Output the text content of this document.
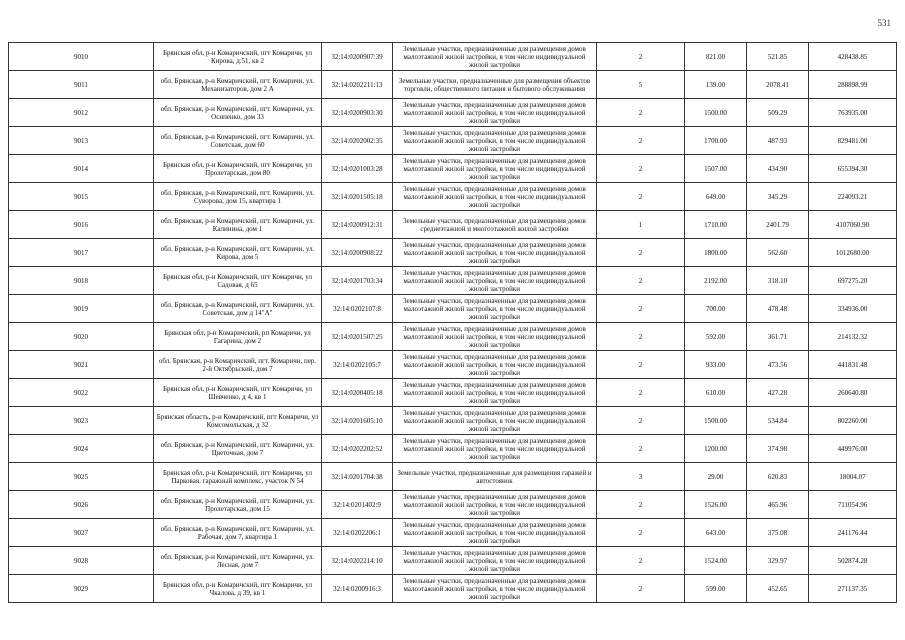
531
9010	Брянская обл, р-н Комаричский, пгт Комаричи, ул Кирова, д.51, кв 2	32:14:0200907:39	Земельные участки, предназначенные для размещения домов малоэтажной жилой застройки, в том числе индивидуальной жилой застройки	2	821.00	521.85	428438.85
9011	обл. Брянская, р-н Комаричский, пгт. Комаричи, ул. Механизаторов, дом 2 А	32:14:0202211:13	Земельные участки, предназначенные для размещения объектов торговли, общественного питания и бытового обслуживания	5	139.00	2078.41	288898.99
9012	обл. Брянская, р-н Комаричский, пгт. Комаричи, ул. Осипенко, дом 33	32:14:0200903:30	Земельные участки, предназначенные для размещения домов малоэтажной жилой застройки, в том числе индивидуальной жилой застройки	2	1500.00	509.29	763935.00
9013	обл. Брянская, р-н Комаричский, пгт. Комаричи, ул. Советская, дом 60	32:14:0202002:35	Земельные участки, предназначенные для размещения домов малоэтажной жилой застройки, в том числе индивидуальной жилой застройки	2	1700.00	487.93	829481.00
9014	Брянская обл, р-н Комаричский, пгт Комаричи, ул Пролетарская, дом 80	32:14:0201003:28	Земельные участки, предназначенные для размещения домов малоэтажной жилой застройки, в том числе индивидуальной жилой застройки	2	1507.00	434.90	655394.30
9015	обл. Брянская, р-н Комаричский, пгт. Комаричи, ул. Суворова, дом 15, квартира 1	32:14:0201505:18	Земельные участки, предназначенные для размещения домов малоэтажной жилой застройки, в том числе индивидуальной жилой застройки	2	649.00	345.29	224093.21
9016	обл. Брянская, р-н Комаричский, пгт. Комаричи, ул. Калинина, дом 1	32:14:0200912:31	Земельные участки, предназначенные для размещения домов среднеэтажной и многоэтажной жилой застройки	1	1710.00	2401.79	4107060.90
9017	обл. Брянская, р-н Комаричский, пгт. Комаричи, ул. Кирова, дом 5	32:14:0200908:22	Земельные участки, предназначенные для размещения домов малоэтажной жилой застройки, в том числе индивидуальной жилой застройки	2	1800.00	562.60	1012680.00
9018	Брянская обл, р-н Комаричский, пгт Комаричи, ул Садовая, д 65	32:14:0201703:34	Земельные участки, предназначенные для размещения домов малоэтажной жилой застройки, в том числе индивидуальной жилой застройки	2	2192.00	318.10	697275.20
9019	обл. Брянская, р-н Комаричский, пгт. Комаричи, ул. Советская, дом д 14"А"	32:14:0202107:8	Земельные участки, предназначенные для размещения домов малоэтажной жилой застройки, в том числе индивидуальной жилой застройки	2	700.00	478.48	334936.00
9020	Брянская обл, р-н Комаричский, рп Комаричи, ул Гагарина, дом 2	32:14:0201507:25	Земельные участки, предназначенные для размещения домов малоэтажной жилой застройки, в том числе индивидуальной жилой застройки	2	592.00	361.71	214132.32
9021	обл. Брянская, р-н Комаричский, пгт. Комаричи, пер. 2-й Октябрьский, дом 7	32:14:0202105:7	Земельные участки, предназначенные для размещения домов малоэтажной жилой застройки, в том числе индивидуальной жилой застройки	2	933.00	473.56	441831.48
9022	Брянская обл, р-н Комаричский, пгт Комаричи, ул Шевченко, д 4, кв 1	32:14:0200405:18	Земельные участки, предназначенные для размещения домов малоэтажной жилой застройки, в том числе индивидуальной жилой застройки	2	610.00	427.28	260640.80
9023	Брянская область, р-н Комаричский, пгт Комаричи, ул Комсомольская, д 32	32:14:0201605:10	Земельные участки, предназначенные для размещения домов малоэтажной жилой застройки, в том числе индивидуальной жилой застройки	2	1500.00	534.84	802260.00
9024	обл. Брянская, р-н Комаричский, пгт. Комаричи, ул. Цветочная, дом 7	32:14:0202202:52	Земельные участки, предназначенные для размещения домов малоэтажной жилой застройки, в том числе индивидуальной жилой застройки	2	1200.00	374.98	449976.00
9025	Брянская обл, р-н Комаричский, пгт Комаричи, ул Парковая, гаражный комплекс, участок N 54	32:14:0201704:38	Земельные участки, предназначенные для размещения гаражей и автостоянок	3	29.00	620.83	18004.07
9026	обл. Брянская, р-н Комаричский, пгт. Комаричи, ул. Пролетарская, дом 15	32:14:0201402:9	Земельные участки, предназначенные для размещения домов малоэтажной жилой застройки, в том числе индивидуальной жилой застройки	2	1526.00	465.96	711054.96
9027	обл. Брянская, р-н Комаричский, пгт. Комаричи, ул. Рабочая, дом 7, квартира 1	32:14:0202206:1	Земельные участки, предназначенные для размещения домов малоэтажной жилой застройки, в том числе индивидуальной жилой застройки	2	643.00	375.08	241176.44
9028	обл. Брянская, р-н Комаричский, пгт. Комаричи, ул. Лесная, дом 7	32:14:0202214:10	Земельные участки, предназначенные для размещения домов малоэтажной жилой застройки, в том числе индивидуальной жилой застройки	2	1524.00	329.97	502874.28
9029	Брянская обл, р-н Комаричский, пгт Комаричи, ул Чкалова, д 39, кв 1	32:14:0200916:3	Земельные участки, предназначенные для размещения домов малоэтажной жилой застройки, в том числе индивидуальной жилой застройки	2	599.00	452.65	271137.35
